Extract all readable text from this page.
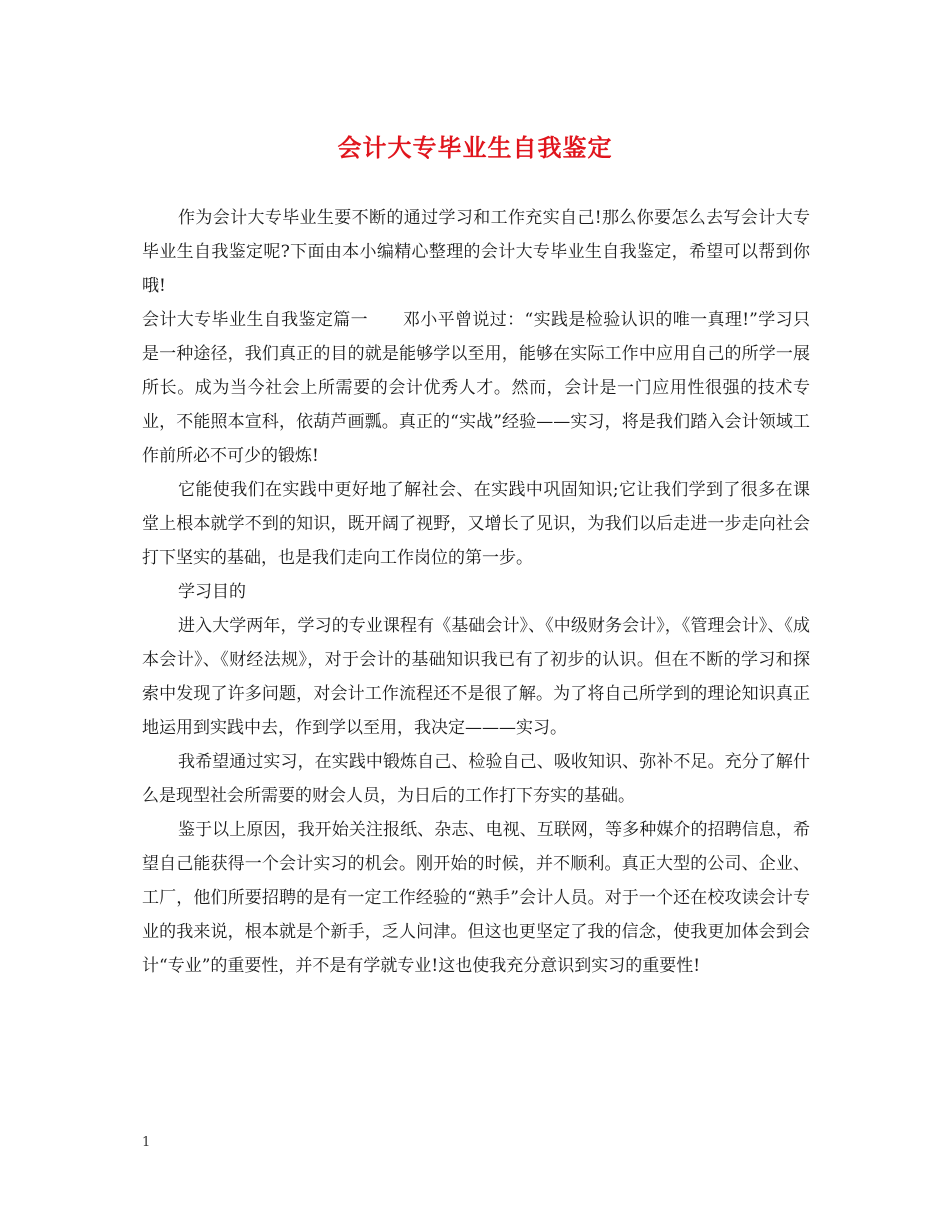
会计大专毕业生自我鉴定

作为会计大专毕业生要不断的通过学习和工作充实自己!那么你要怎么去写会计大专毕业生自我鉴定呢?下面由本小编精心整理的会计大专毕业生自我鉴定，希望可以帮到你哦!

会计大专毕业生自我鉴定篇一　　邓小平曾说过：“实践是检验认识的唯一真理!”学习只是一种途径，我们真正的目的就是能够学以至用，能够在实际工作中应用自己的所学一展所长。成为当今社会上所需要的会计优秀人才。然而，会计是一门应用性很强的技术专业，不能照本宣科，依葫芦画瓢。真正的“实战”经验——实习，将是我们踏入会计领域工作前所必不可少的锻炼!

它能使我们在实践中更好地了解社会、在实践中巩固知识;它让我们学到了很多在课堂上根本就学不到的知识，既开阔了视野，又增长了见识，为我们以后走进一步走向社会打下坚实的基础，也是我们走向工作岗位的第一步。

学习目的

进入大学两年，学习的专业课程有《基础会计》、《中级财务会计》，《管理会计》、《成本会计》、《财经法规》，对于会计的基础知识我已有了初步的认识。但在不断的学习和探索中发现了许多问题，对会计工作流程还不是很了解。为了将自己所学到的理论知识真正地运用到实践中去，作到学以至用，我决定———实习。

我希望通过实习，在实践中锻炼自己、检验自己、吸收知识、弥补不足。充分了解什么是现型社会所需要的财会人员，为日后的工作打下夯实的基础。

鉴于以上原因，我开始关注报纸、杂志、电视、互联网，等多种媒介的招聘信息，希望自己能获得一个会计实习的机会。刚开始的时候，并不顺利。真正大型的公司、企业、工厂，他们所要招聘的是有一定工作经验的“熟手”会计人员。对于一个还在校攻读会计专业的我来说，根本就是个新手，乏人问津。但这也更坚定了我的信念，使我更加体会到会计“专业”的重要性，并不是有学就专业!这也使我充分意识到实习的重要性!

1
